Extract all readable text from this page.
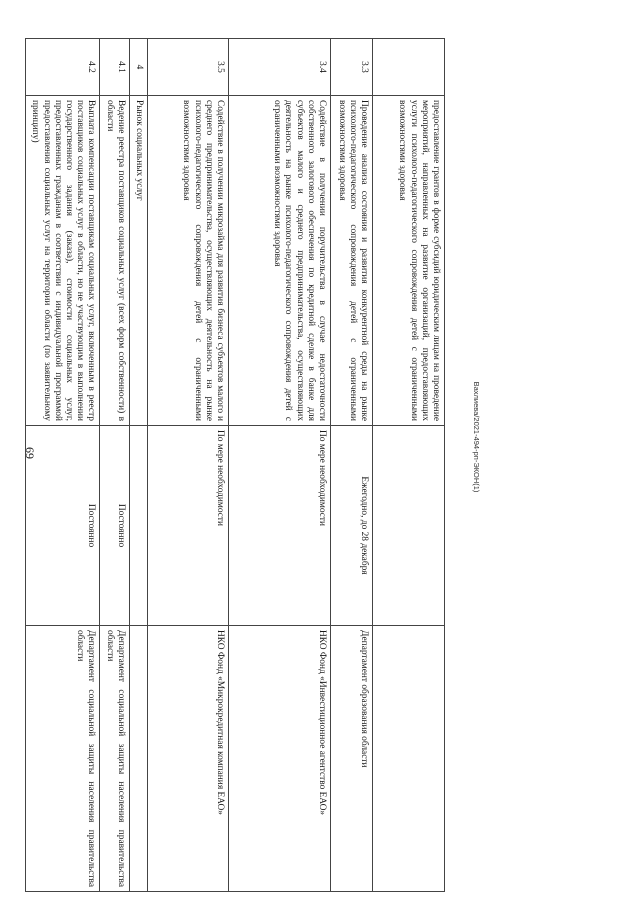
69
	предоставление грантов в форме субсидий юридическим лицам на проведение мероприятий, направленных на развитие организаций, предоставляющих услуги психолого-педагогического сопровождения детей с ограниченными возможностями здоровья		
3.3	Проведение анализа состояния и развития конкурентной среды на рынке психолого-педагогического сопровождения детей с ограниченными возможностями здоровья	Ежегодно, до 28 декабря	Департамент образования области
3.4	Содействие в получении поручительства в случае недостаточности собственного залогового обеспечения по кредитной сделке в банке для субъектов малого и среднего предпринимательства, осуществляющих деятельность на рынке психолого-педагогического сопровождения детей с ограниченными возможностями здоровья	По мере необходимости	НКО Фонд «Инвестиционное агентство ЕАО»
3.5	Содействие в получении микрозайма для развития бизнеса субъектов малого и среднего предпринимательства, осуществляющих деятельность на рынке психолого-педагогического сопровождения детей с ограниченными возможностями здоровья	По мере необходимости	НКО Фонд «Микрокредитная компания ЕАО»
4	Рынок социальных услуг		
4.1	Ведение реестра поставщиков социальных услуг (всех форм собственности) в области	Постоянно	Департамент социальной защиты населения правительства области
4.2	Выплата компенсации поставщикам социальных услуг, включенным в реестр поставщиков социальных услуг в области, но не участвующим в выполнении государственного задания (заказа), стоимости социальных услуг, предоставленных гражданам в соответствии с индивидуальной программой предоставления социальных услуг на территории области (по заявительному принципу)	Постоянно	Департамент социальной защиты населения правительства области
Вахлиева/2021-494-рп-ЭКОН(1)
